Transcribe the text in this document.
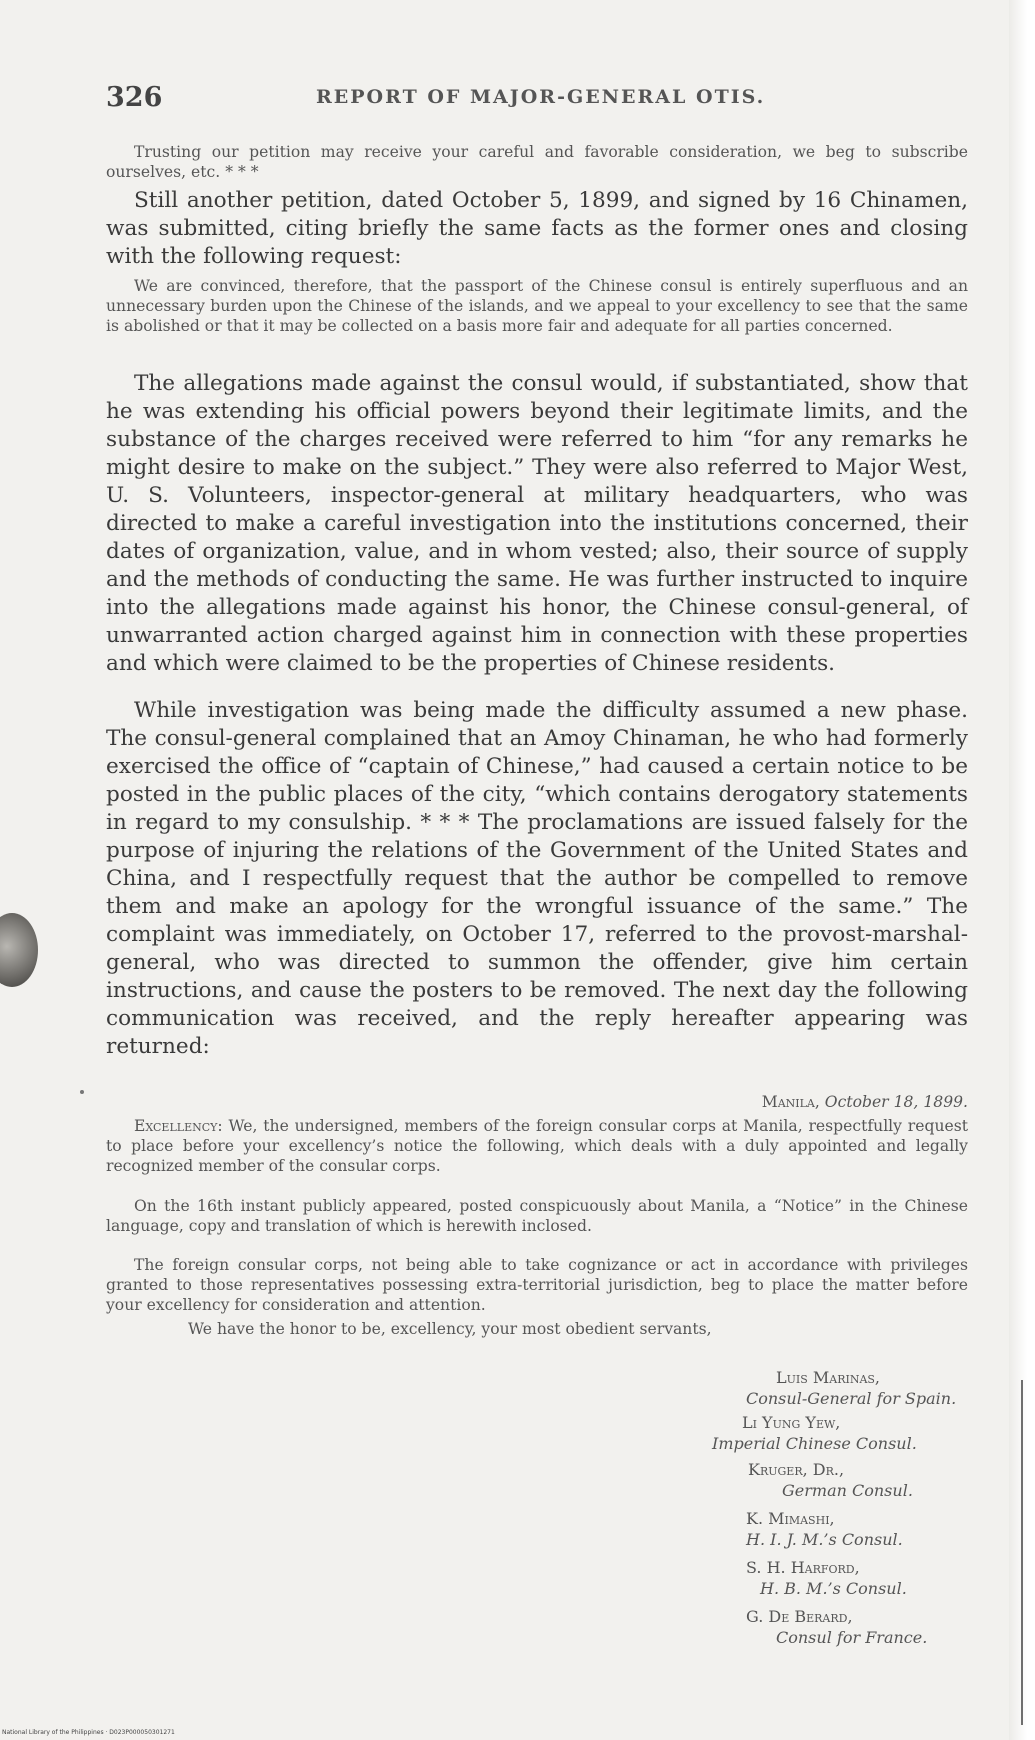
326	REPORT OF MAJOR-GENERAL OTIS.

Trusting our petition may receive your careful and favorable consideration, we beg to subscribe ourselves, etc. * * *

Still another petition, dated October 5, 1899, and signed by 16 Chinamen, was submitted, citing briefly the same facts as the former ones and closing with the following request:

We are convinced, therefore, that the passport of the Chinese consul is entirely superfluous and an unnecessary burden upon the Chinese of the islands, and we appeal to your excellency to see that the same is abolished or that it may be collected on a basis more fair and adequate for all parties concerned.

The allegations made against the consul would, if substantiated, show that he was extending his official powers beyond their legitimate limits, and the substance of the charges received were referred to him “for any remarks he might desire to make on the subject.” They were also referred to Major West, U. S. Volunteers, inspector-general at military headquarters, who was directed to make a careful investigation into the institutions concerned, their dates of organization, value, and in whom vested; also, their source of supply and the methods of conducting the same. He was further instructed to inquire into the allegations made against his honor, the Chinese consul-general, of unwarranted action charged against him in connection with these properties and which were claimed to be the properties of Chinese residents.

While investigation was being made the difficulty assumed a new phase. The consul-general complained that an Amoy Chinaman, he who had formerly exercised the office of “captain of Chinese,” had caused a certain notice to be posted in the public places of the city, “which contains derogatory statements in regard to my consulship. * * * The proclamations are issued falsely for the purpose of injuring the relations of the Government of the United States and China, and I respectfully request that the author be compelled to remove them and make an apology for the wrongful issuance of the same.” The complaint was immediately, on October 17, referred to the provost-marshal-general, who was directed to summon the offender, give him certain instructions, and cause the posters to be removed. The next day the following communication was received, and the reply hereafter appearing was returned:

Manila, October 18, 1899.

Excellency: We, the undersigned, members of the foreign consular corps at Manila, respectfully request to place before your excellency’s notice the following, which deals with a duly appointed and legally recognized member of the consular corps.

On the 16th instant publicly appeared, posted conspicuously about Manila, a “Notice” in the Chinese language, copy and translation of which is herewith inclosed.

The foreign consular corps, not being able to take cognizance or act in accordance with privileges granted to those representatives possessing extra-territorial jurisdiction, beg to place the matter before your excellency for consideration and attention.

We have the honor to be, excellency, your most obedient servants,

Luis Marinas,
Consul-General for Spain.
Li Yung Yew,
Imperial Chinese Consul.
Kruger, Dr.,
German Consul.
K. Mimashi,
H. I. J. M.’s Consul.
S. H. Harford,
H. B. M.’s Consul.
G. De Berard,
Consul for France.
National Library of the Philippines · D023P000050301271
